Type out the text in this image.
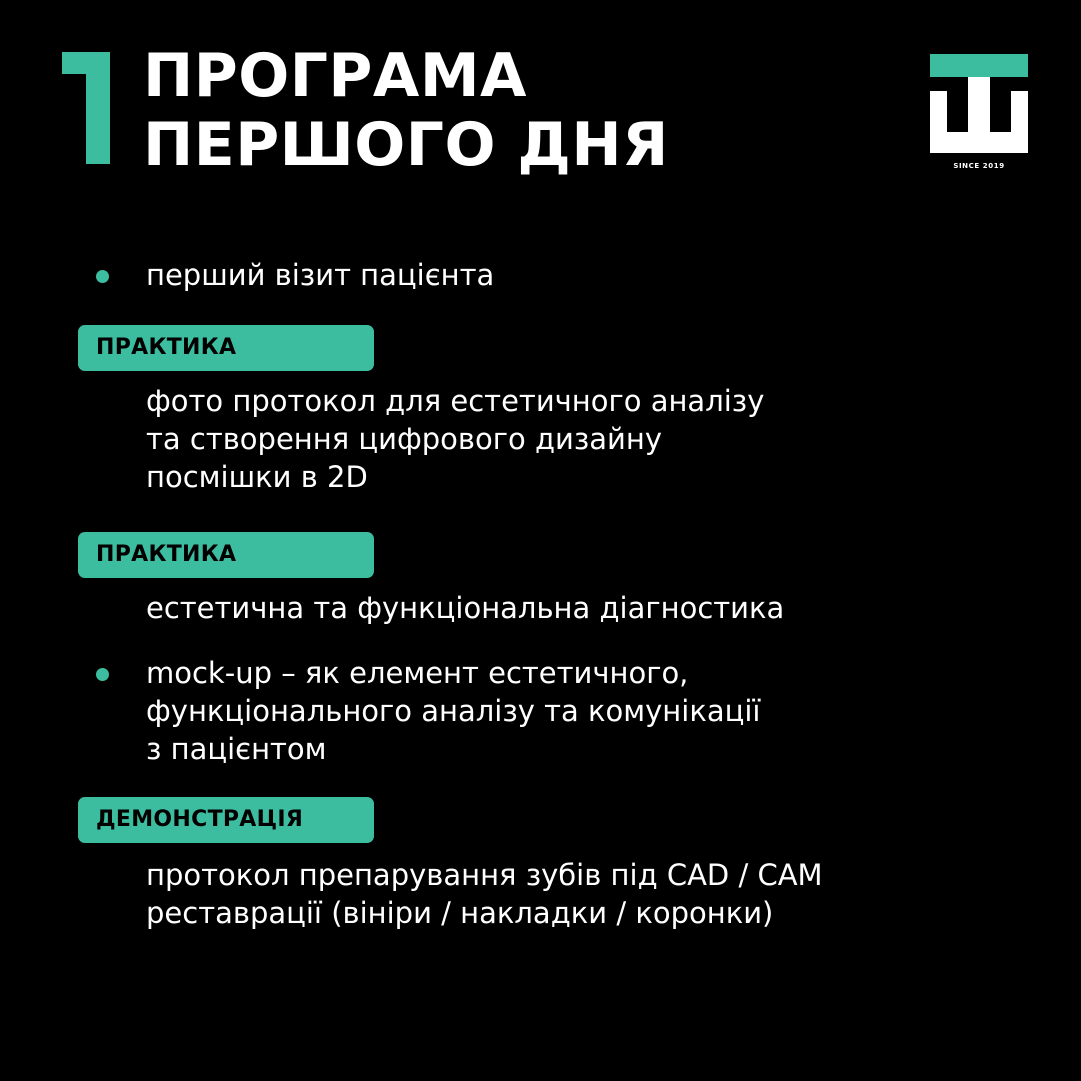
ПРОГРАМА
ПЕРШОГО ДНЯ	SINCE 2019
перший візит пацієнта
ПРАКТИКА
фото протокол для естетичного аналізу
та створення цифрового дизайну
посмішки в 2D
ПРАКТИКА
естетична та функціональна діагностика
mock-up – як елемент естетичного,
функціонального аналізу та комунікації
з пацієнтом
ДЕМОНСТРАЦІЯ
протокол препарування зубів під CAD / CAM
реставрації (вініри / накладки / коронки)
